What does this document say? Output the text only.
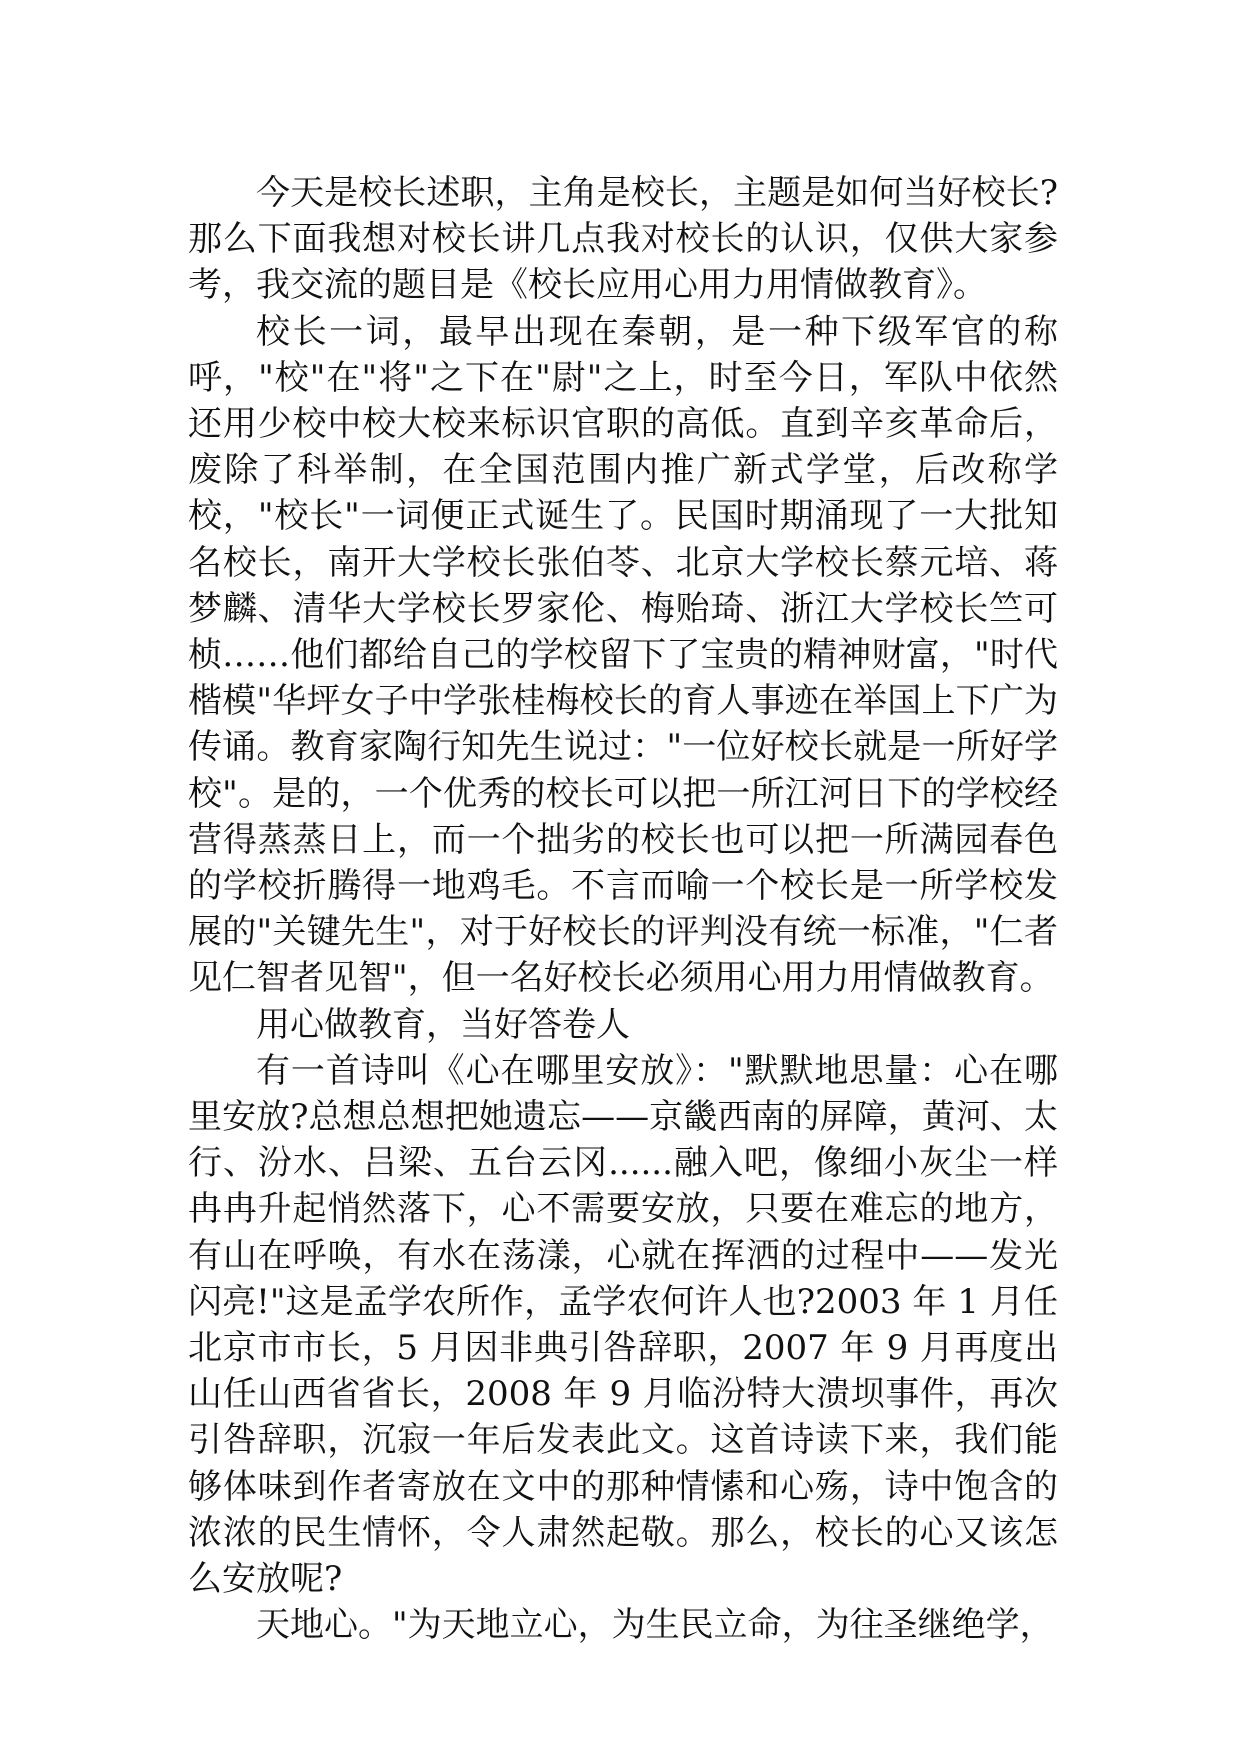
今天是校长述职，主角是校长，主题是如何当好校长?那么下面我想对校长讲几点我对校长的认识，仅供大家参考，我交流的题目是《校长应用心用力用情做教育》。

校长一词，最早出现在秦朝，是一种下级军官的称呼，"校"在"将"之下在"尉"之上，时至今日，军队中依然还用少校中校大校来标识官职的高低。直到辛亥革命后，废除了科举制，在全国范围内推广新式学堂，后改称学校，"校长"一词便正式诞生了。民国时期涌现了一大批知名校长，南开大学校长张伯苓、北京大学校长蔡元培、蒋梦麟、清华大学校长罗家伦、梅贻琦、浙江大学校长竺可桢……他们都给自己的学校留下了宝贵的精神财富，"时代楷模"华坪女子中学张桂梅校长的育人事迹在举国上下广为传诵。教育家陶行知先生说过："一位好校长就是一所好学校"。是的，一个优秀的校长可以把一所江河日下的学校经营得蒸蒸日上，而一个拙劣的校长也可以把一所满园春色的学校折腾得一地鸡毛。不言而喻一个校长是一所学校发展的"关键先生"，对于好校长的评判没有统一标准，"仁者见仁智者见智"，但一名好校长必须用心用力用情做教育。

用心做教育，当好答卷人

有一首诗叫《心在哪里安放》："默默地思量：心在哪里安放?总想总想把她遗忘——京畿西南的屏障，黄河、太行、汾水、吕梁、五台云冈......融入吧，像细小灰尘一样冉冉升起悄然落下，心不需要安放，只要在难忘的地方，有山在呼唤，有水在荡漾，心就在挥洒的过程中——发光闪亮!"这是孟学农所作，孟学农何许人也?2003 年 1 月任北京市市长，5 月因非典引咎辞职，2007 年 9 月再度出山任山西省省长，2008 年 9 月临汾特大溃坝事件，再次引咎辞职，沉寂一年后发表此文。这首诗读下来，我们能够体味到作者寄放在文中的那种情愫和心殇，诗中饱含的浓浓的民生情怀，令人肃然起敬。那么，校长的心又该怎么安放呢?

天地心。"为天地立心，为生民立命，为往圣继绝学，
